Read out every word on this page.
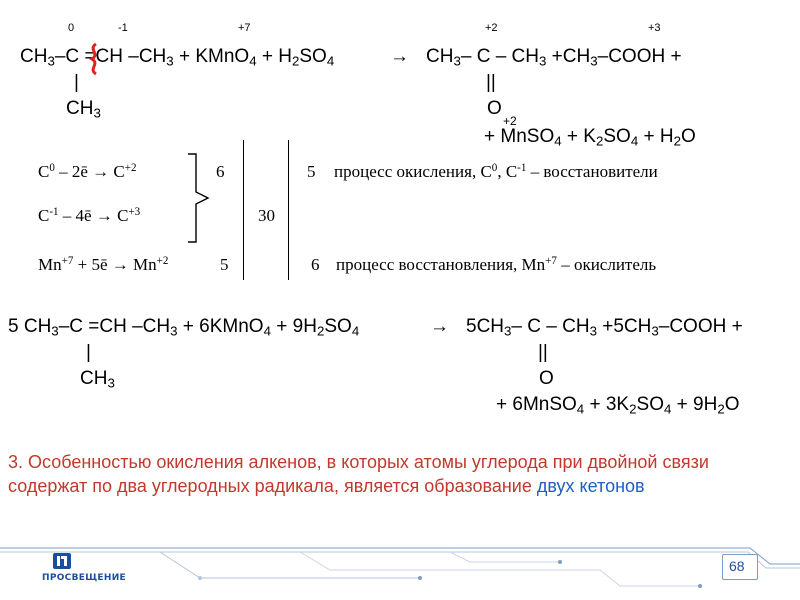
0	-1	+7	+2	+3
$CH_3-C =CH$ $-CH_3$ + KMnO$_4$ + $H_2SO_4$	→ $CH_3-$ C – $CH_3$ $+CH_3$–COOH +
|
$CH_3$
||
O
+2
+ MnSO$_4$ + $K_2SO_4 + H_2O$
$C^0$ – 2ē → $C^{+2}$	6	5 процесс окисления, $C^0$, $C^{-1}$ – восстановители
$C^{-1}$ – 4ē → $C^{+3}$	30
$Mn^{+7}$ + 5ē → $Mn^{+2}$	5	6 процесс восстановления, $Mn^{+7}$ – окислитель
5 $CH_3-C =CH$ $-CH_3$ + 6KMnO$_4$ + $9H_2SO_4$	→ $5CH_3-$ C – $CH_3$ $+5CH_3$–COOH +
|
$CH_3$
||
O
+ 6MnSO$_4$ + $3K_2SO_4 + 9H_2O$
3. Особенностью окисления алкенов, в которых атомы углерода при двойной связи содержат по два углеродных радикала, является образование двух кетонов
ПРОСВЕЩЕНИЕ
68
